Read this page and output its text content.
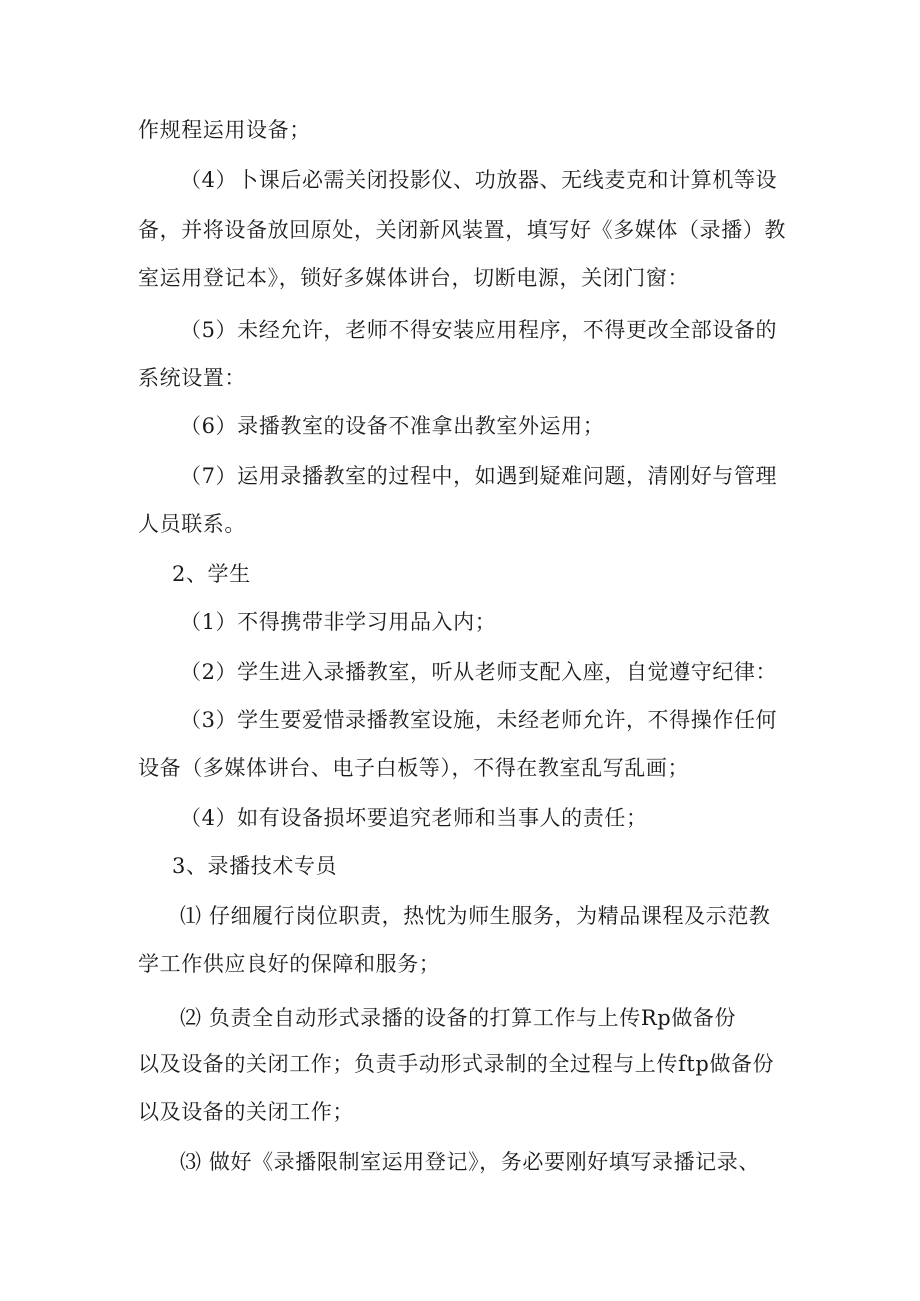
作规程运用设备；
（4）卜课后必需关闭投影仪、功放器、无线麦克和计算机等设
备，并将设备放回原处，关闭新风装置，填写好《多媒体（录播）教
室运用登记本》，锁好多媒体讲台，切断电源，关闭门窗：
（5）未经允许，老师不得安装应用程序，不得更改全部设备的
系统设置：
（6）录播教室的设备不准拿出教室外运用；
（7）运用录播教室的过程中，如遇到疑难问题，清刚好与管理
人员联系。
2、学生
（1）不得携带非学习用品入内；
（2）学生进入录播教室，听从老师支配入座，自觉遵守纪律：
（3）学生要爱惜录播教室设施，未经老师允许，不得操作任何
设备（多媒体讲台、电子白板等），不得在教室乱写乱画；
（4）如有设备损坏要追究老师和当事人的责任；
3、录播技术专员
⑴ 仔细履行岗位职责，热忱为师生服务，为精品课程及示范教
学工作供应良好的保障和服务；
⑵ 负责全自动形式录播的设备的打算工作与上传Rp做备份
以及设备的关闭工作；负责手动形式录制的全过程与上传ftp做备份
以及设备的关闭工作；
⑶ 做好《录播限制室运用登记》，务必要刚好填写录播记录、
